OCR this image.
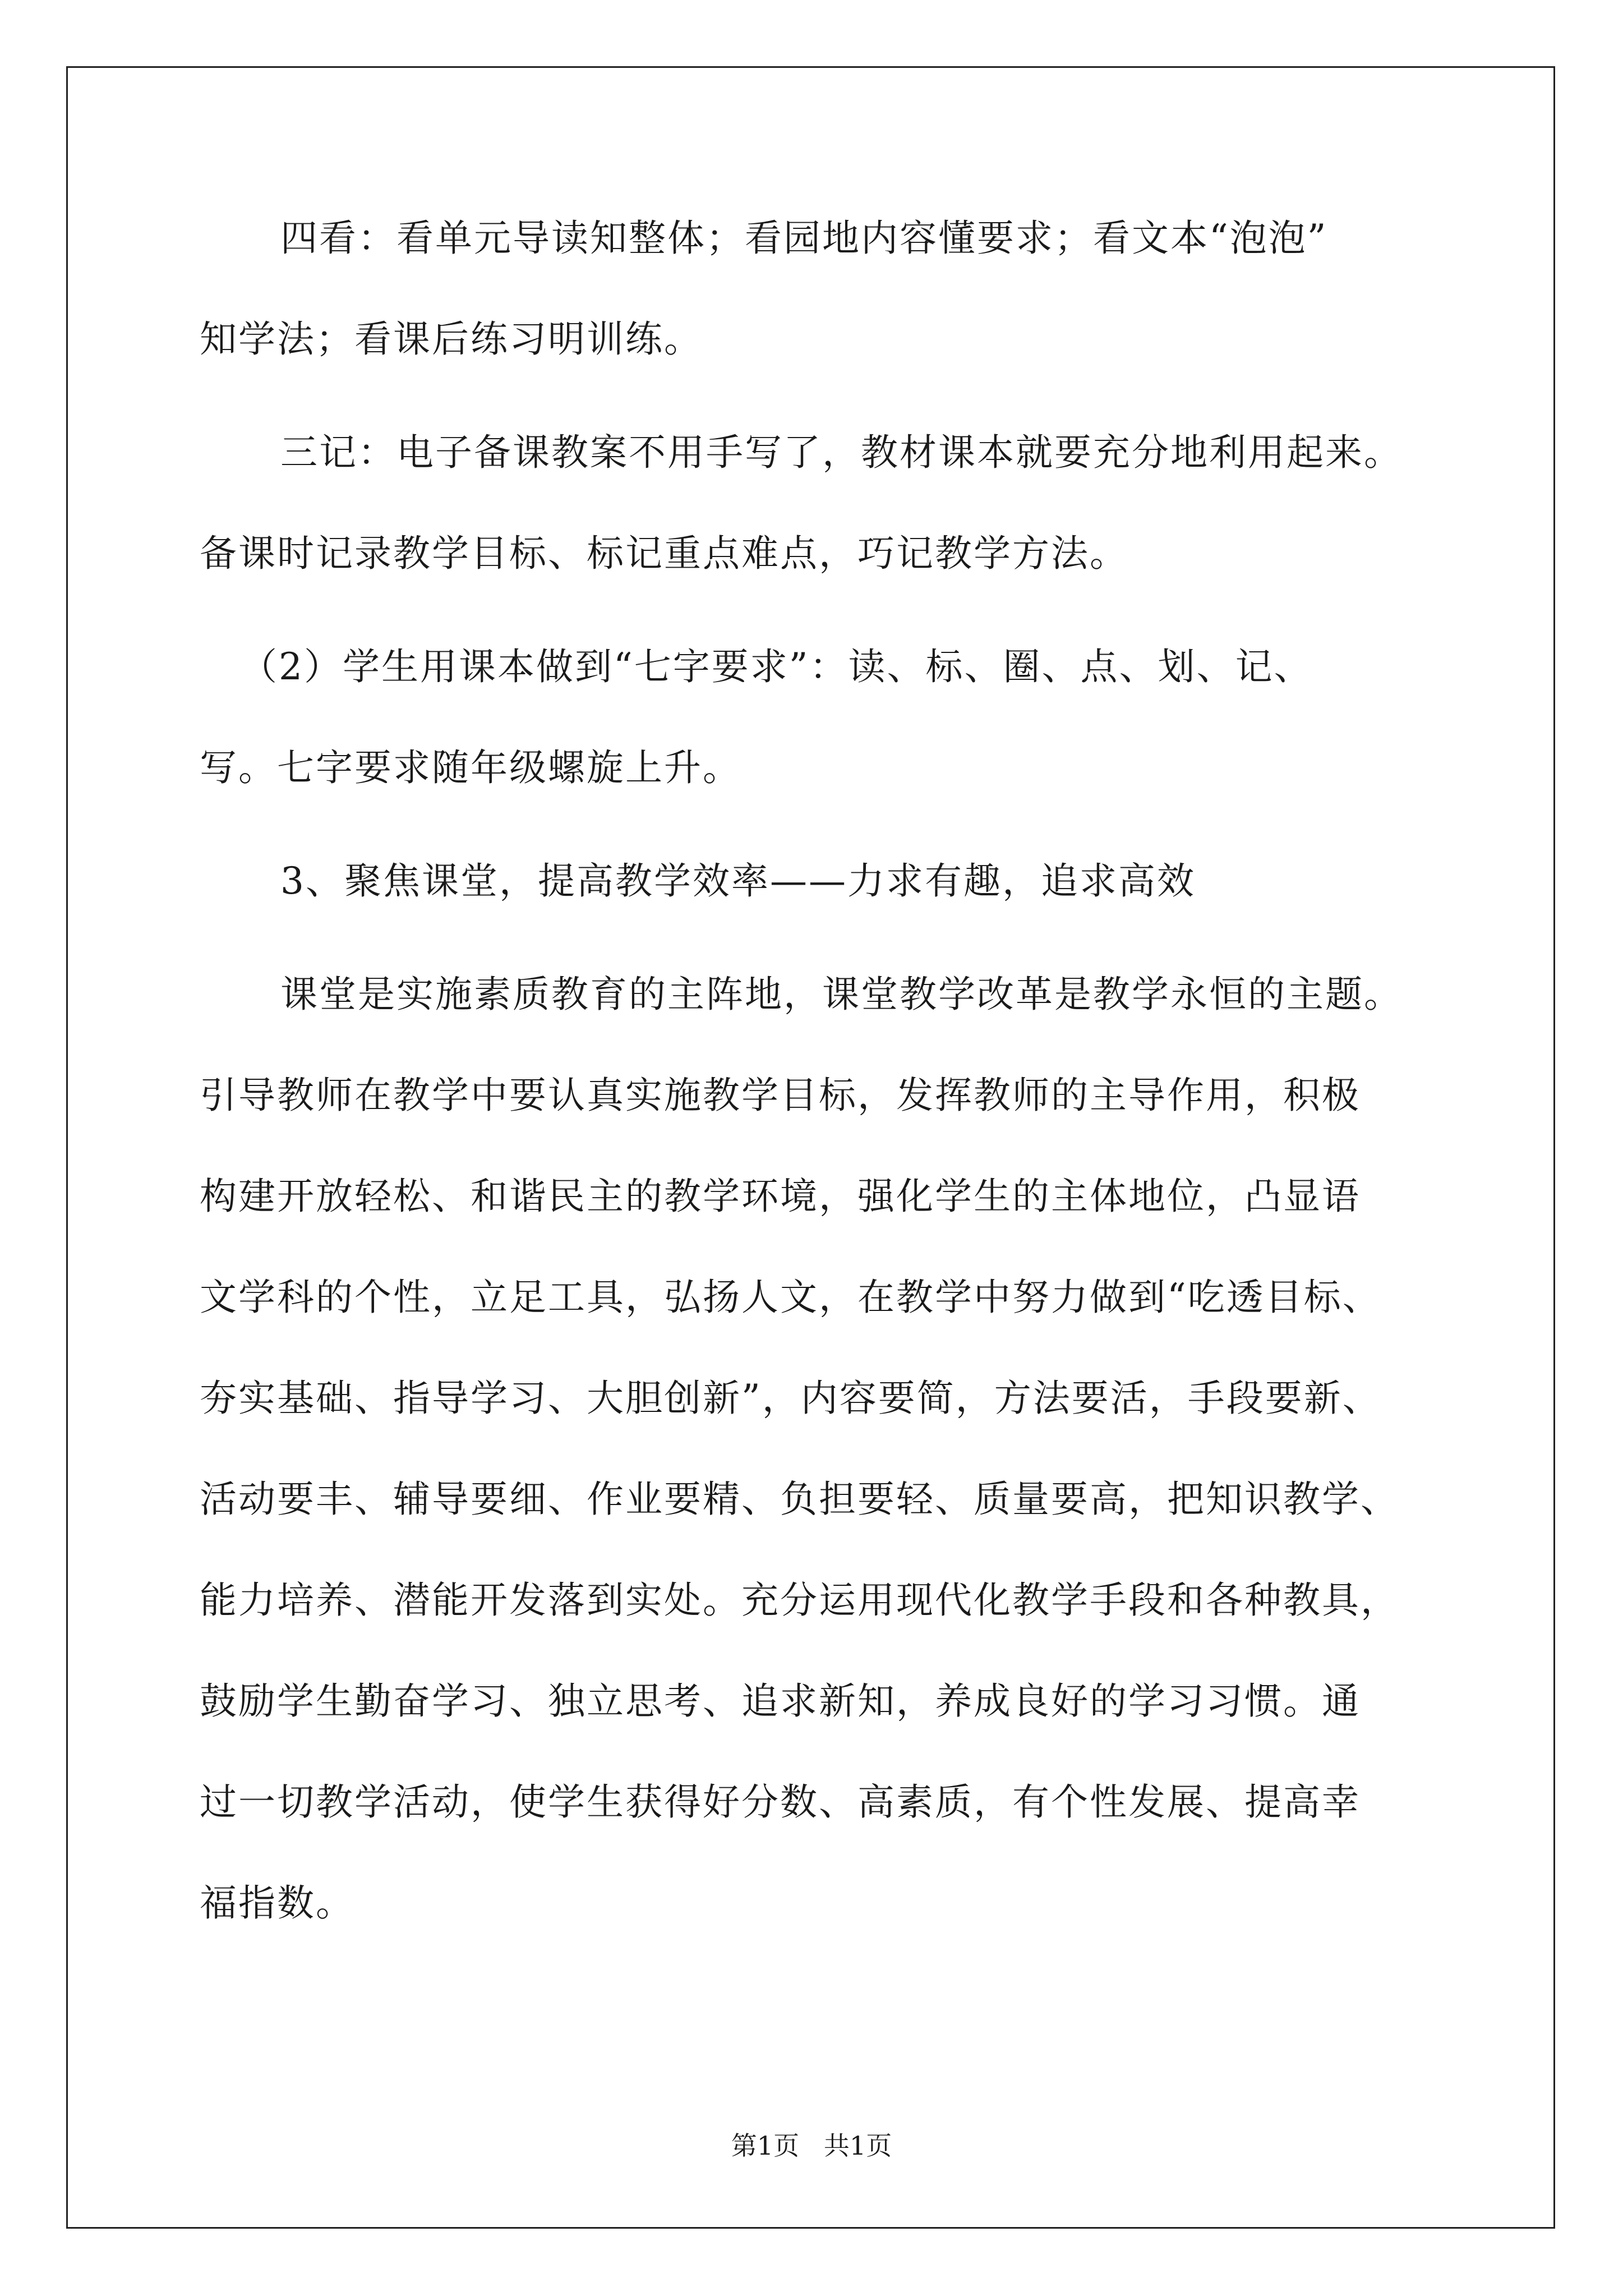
四看：看单元导读知整体；看园地内容懂要求；看文本“泡泡”
知学法；看课后练习明训练。
三记：电子备课教案不用手写了，教材课本就要充分地利用起来。
备课时记录教学目标、标记重点难点，巧记教学方法。
（2）学生用课本做到“七字要求”：读、标、圈、点、划、记、
写。七字要求随年级螺旋上升。
3、聚焦课堂，提高教学效率——力求有趣，追求高效
课堂是实施素质教育的主阵地，课堂教学改革是教学永恒的主题。
引导教师在教学中要认真实施教学目标，发挥教师的主导作用，积极
构建开放轻松、和谐民主的教学环境，强化学生的主体地位，凸显语
文学科的个性，立足工具，弘扬人文，在教学中努力做到“吃透目标、
夯实基础、指导学习、大胆创新”，内容要简，方法要活，手段要新、
活动要丰、辅导要细、作业要精、负担要轻、质量要高，把知识教学、
能力培养、潜能开发落到实处。充分运用现代化教学手段和各种教具，
鼓励学生勤奋学习、独立思考、追求新知，养成良好的学习习惯。通
过一切教学活动，使学生获得好分数、高素质，有个性发展、提高幸
福指数。
第1页   共1页
